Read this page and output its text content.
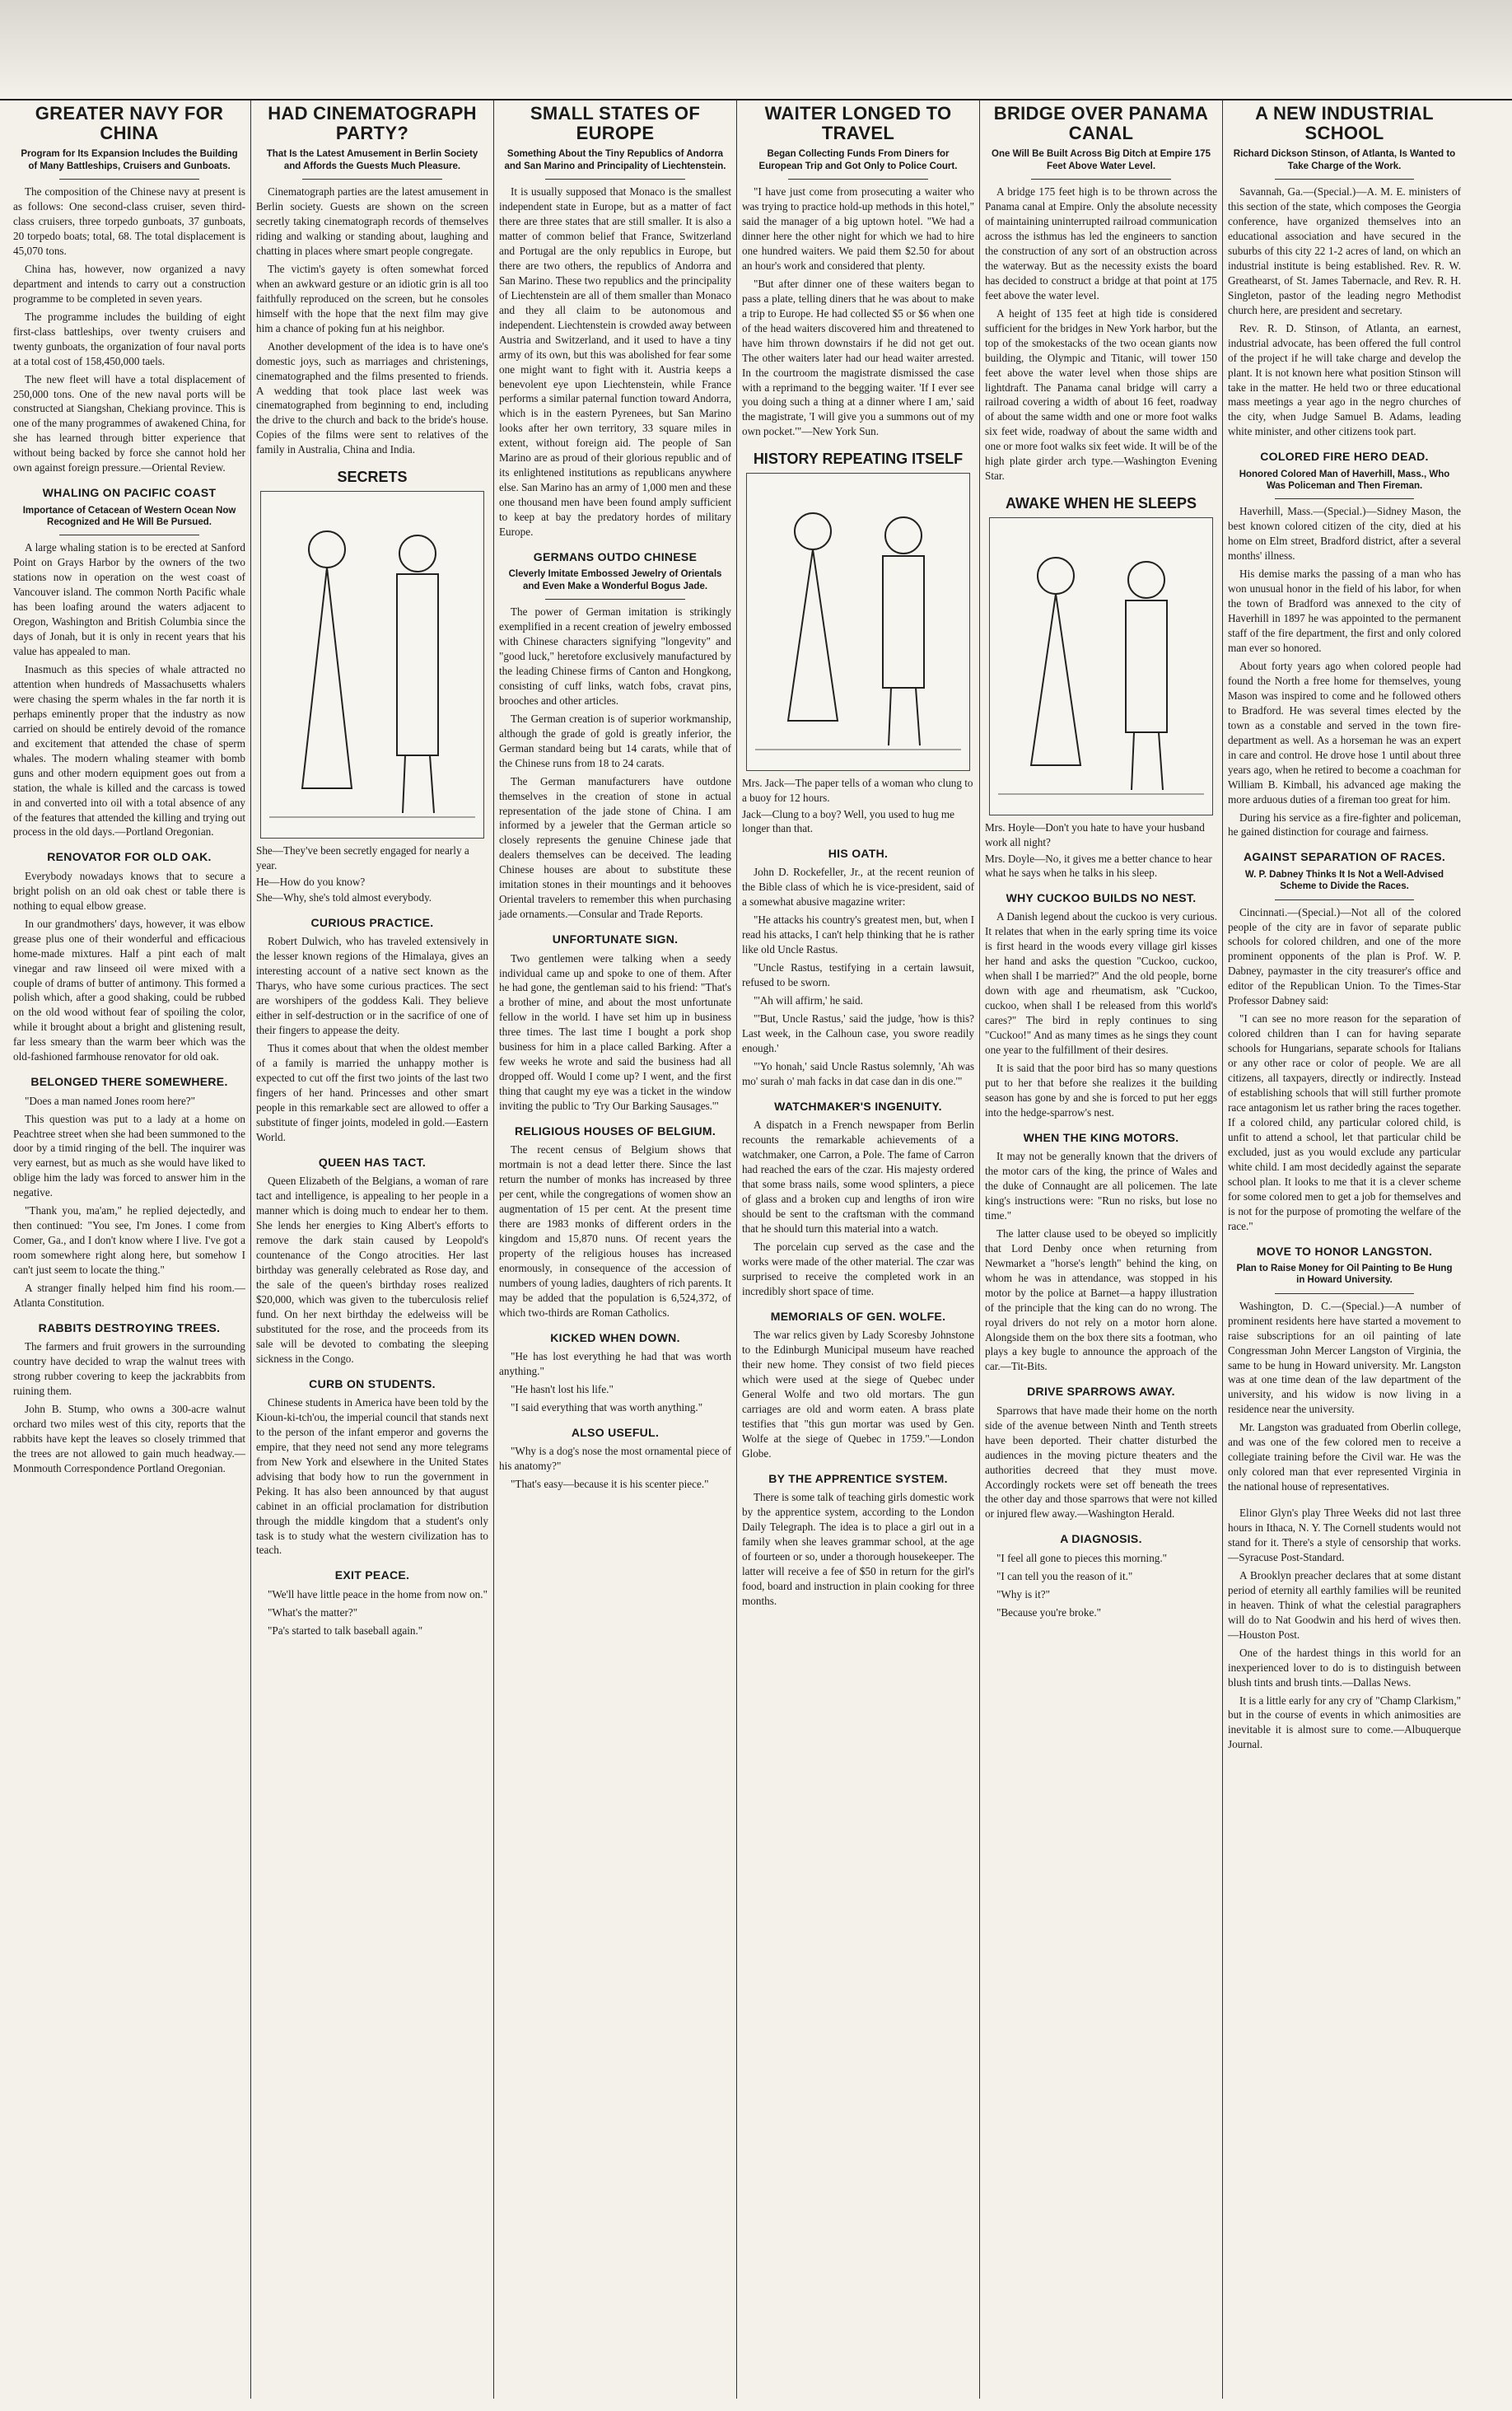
GREATER NAVY FOR CHINA
Program for Its Expansion Includes the Building of Many Battleships, Cruisers and Gunboats.

The composition of the Chinese navy at present is as follows: One second-class cruiser, seven third-class cruisers, three torpedo gunboats, 37 gunboats, 20 torpedo boats; total, 68. The total displacement is 45,070 tons.

China has, however, now organized a navy department and intends to carry out a construction programme to be completed in seven years.

The programme includes the building of eight first-class battleships, over twenty cruisers and twenty gunboats, the organization of four naval ports at a total cost of 158,450,000 taels.

The new fleet will have a total displacement of 250,000 tons. One of the new naval ports will be constructed at Siangshan, Chekiang province. This is one of the many programmes of awakened China, for she has learned through bitter experience that without being backed by force she cannot hold her own against foreign pressure.—Oriental Review.

WHALING ON PACIFIC COAST
Importance of Cetacean of Western Ocean Now Recognized and He Will Be Pursued.

A large whaling station is to be erected at Sanford Point on Grays Harbor by the owners of the two stations now in operation on the west coast of Vancouver island. The common North Pacific whale has been loafing around the waters adjacent to Oregon, Washington and British Columbia since the days of Jonah, but it is only in recent years that his value has appealed to man.

Inasmuch as this species of whale attracted no attention when hundreds of Massachusetts whalers were chasing the sperm whales in the far north it is perhaps eminently proper that the industry as now carried on should be entirely devoid of the romance and excitement that attended the chase of sperm whales. The modern whaling steamer with bomb guns and other modern equipment goes out from a station, the whale is killed and the carcass is towed in and converted into oil with a total absence of any of the features that attended the killing and trying out process in the old days.—Portland Oregonian.

RENOVATOR FOR OLD OAK.

Everybody nowadays knows that to secure a bright polish on an old oak chest or table there is nothing to equal elbow grease.

In our grandmothers' days, however, it was elbow grease plus one of their wonderful and efficacious home-made mixtures. Half a pint each of malt vinegar and raw linseed oil were mixed with a couple of drams of butter of antimony. This formed a polish which, after a good shaking, could be rubbed on the old wood without fear of spoiling the color, while it brought about a bright and glistening result, far less smeary than the warm beer which was the old-fashioned farmhouse renovator for old oak.

BELONGED THERE SOMEWHERE.

"Does a man named Jones room here?"

This question was put to a lady at a home on Peachtree street when she had been summoned to the door by a timid ringing of the bell. The inquirer was very earnest, but as much as she would have liked to oblige him the lady was forced to answer him in the negative.

"Thank you, ma'am," he replied dejectedly, and then continued: "You see, I'm Jones. I come from Comer, Ga., and I don't know where I live. I've got a room somewhere right along here, but somehow I can't just seem to locate the thing."

A stranger finally helped him find his room.—Atlanta Constitution.

RABBITS DESTROYING TREES.

The farmers and fruit growers in the surrounding country have decided to wrap the walnut trees with strong rubber covering to keep the jackrabbits from ruining them.

John B. Stump, who owns a 300-acre walnut orchard two miles west of this city, reports that the rabbits have kept the leaves so closely trimmed that the trees are not allowed to gain much headway.—Monmouth Correspondence Portland Oregonian.

HAD CINEMATOGRAPH PARTY?
That Is the Latest Amusement in Berlin Society and Affords the Guests Much Pleasure.

Cinematograph parties are the latest amusement in Berlin society. Guests are shown on the screen secretly taking cinematograph records of themselves riding and walking or standing about, laughing and chatting in places where smart people congregate.

The victim's gayety is often somewhat forced when an awkward gesture or an idiotic grin is all too faithfully reproduced on the screen, but he consoles himself with the hope that the next film may give him a chance of poking fun at his neighbor.

Another development of the idea is to have one's domestic joys, such as marriages and christenings, cinematographed and the films presented to friends. A wedding that took place last week was cinematographed from beginning to end, including the drive to the church and back to the bride's house. Copies of the films were sent to relatives of the family in Australia, China and India.

SECRETS

She—They've been secretly engaged for nearly a year.

He—How do you know?

She—Why, she's told almost everybody.

CURIOUS PRACTICE.

Robert Dulwich, who has traveled extensively in the lesser known regions of the Himalaya, gives an interesting account of a native sect known as the Tharys, who have some curious practices. The sect are worshipers of the goddess Kali. They believe either in self-destruction or in the sacrifice of one of their fingers to appease the deity.

Thus it comes about that when the oldest member of a family is married the unhappy mother is expected to cut off the first two joints of the last two fingers of her hand. Princesses and other smart people in this remarkable sect are allowed to offer a substitute of finger joints, modeled in gold.—Eastern World.

QUEEN HAS TACT.

Queen Elizabeth of the Belgians, a woman of rare tact and intelligence, is appealing to her people in a manner which is doing much to endear her to them. She lends her energies to King Albert's efforts to remove the dark stain caused by Leopold's countenance of the Congo atrocities. Her last birthday was generally celebrated as Rose day, and the sale of the queen's birthday roses realized $20,000, which was given to the tuberculosis relief fund. On her next birthday the edelweiss will be substituted for the rose, and the proceeds from its sale will be devoted to combating the sleeping sickness in the Congo.

CURB ON STUDENTS.

Chinese students in America have been told by the Kioun-ki-tch'ou, the imperial council that stands next to the person of the infant emperor and governs the empire, that they need not send any more telegrams from New York and elsewhere in the United States advising that body how to run the government in Peking. It has also been announced by that august cabinet in an official proclamation for distribution through the middle kingdom that a student's only task is to study what the western civilization has to teach.

EXIT PEACE.

"We'll have little peace in the home from now on."

"What's the matter?"

"Pa's started to talk baseball again."

SMALL STATES OF EUROPE
Something About the Tiny Republics of Andorra and San Marino and Principality of Liechtenstein.

It is usually supposed that Monaco is the smallest independent state in Europe, but as a matter of fact there are three states that are still smaller. It is also a matter of common belief that France, Switzerland and Portugal are the only republics in Europe, but there are two others, the republics of Andorra and San Marino. These two republics and the principality of Liechtenstein are all of them smaller than Monaco and they all claim to be autonomous and independent. Liechtenstein is crowded away between Austria and Switzerland, and it used to have a tiny army of its own, but this was abolished for fear some one might want to fight with it. Austria keeps a benevolent eye upon Liechtenstein, while France performs a similar paternal function toward Andorra, which is in the eastern Pyrenees, but San Marino looks after her own territory, 33 square miles in extent, without foreign aid. The people of San Marino are as proud of their glorious republic and of its enlightened institutions as republicans anywhere else. San Marino has an army of 1,000 men and these one thousand men have been found amply sufficient to keep at bay the predatory hordes of military Europe.

GERMANS OUTDO CHINESE
Cleverly Imitate Embossed Jewelry of Orientals and Even Make a Wonderful Bogus Jade.

The power of German imitation is strikingly exemplified in a recent creation of jewelry embossed with Chinese characters signifying "longevity" and "good luck," heretofore exclusively manufactured by the leading Chinese firms of Canton and Hongkong, consisting of cuff links, watch fobs, cravat pins, brooches and other articles.

The German creation is of superior workmanship, although the grade of gold is greatly inferior, the German standard being but 14 carats, while that of the Chinese runs from 18 to 24 carats.

The German manufacturers have outdone themselves in the creation of stone in actual representation of the jade stone of China. I am informed by a jeweler that the German article so closely represents the genuine Chinese jade that dealers themselves can be deceived. The leading Chinese houses are about to substitute these imitation stones in their mountings and it behooves Oriental travelers to remember this when purchasing jade ornaments.—Consular and Trade Reports.

UNFORTUNATE SIGN.

Two gentlemen were talking when a seedy individual came up and spoke to one of them. After he had gone, the gentleman said to his friend: "That's a brother of mine, and about the most unfortunate fellow in the world. I have set him up in business three times. The last time I bought a pork shop business for him in a place called Barking. After a few weeks he wrote and said the business had all dropped off. Would I come up? I went, and the first thing that caught my eye was a ticket in the window inviting the public to 'Try Our Barking Sausages.'"

RELIGIOUS HOUSES OF BELGIUM.

The recent census of Belgium shows that mortmain is not a dead letter there. Since the last return the number of monks has increased by three per cent, while the congregations of women show an augmentation of 15 per cent. At the present time there are 1983 monks of different orders in the kingdom and 15,870 nuns. Of recent years the property of the religious houses has increased enormously, in consequence of the accession of numbers of young ladies, daughters of rich parents. It may be added that the population is 6,524,372, of which two-thirds are Roman Catholics.

KICKED WHEN DOWN.

"He has lost everything he had that was worth anything."

"He hasn't lost his life."

"I said everything that was worth anything."

ALSO USEFUL.

"Why is a dog's nose the most ornamental piece of his anatomy?"

"That's easy—because it is his scenter piece."

WAITER LONGED TO TRAVEL
Began Collecting Funds From Diners for European Trip and Got Only to Police Court.

"I have just come from prosecuting a waiter who was trying to practice hold-up methods in this hotel," said the manager of a big uptown hotel. "We had a dinner here the other night for which we had to hire one hundred waiters. We paid them $2.50 for about an hour's work and considered that plenty.

"But after dinner one of these waiters began to pass a plate, telling diners that he was about to make a trip to Europe. He had collected $5 or $6 when one of the head waiters discovered him and threatened to have him thrown downstairs if he did not get out. The other waiters later had our head waiter arrested. In the courtroom the magistrate dismissed the case with a reprimand to the begging waiter. 'If I ever see you doing such a thing at a dinner where I am,' said the magistrate, 'I will give you a summons out of my own pocket.'"—New York Sun.

HISTORY REPEATING ITSELF

Mrs. Jack—The paper tells of a woman who clung to a buoy for 12 hours.

Jack—Clung to a boy? Well, you used to hug me longer than that.

HIS OATH.

John D. Rockefeller, Jr., at the recent reunion of the Bible class of which he is vice-president, said of a somewhat abusive magazine writer:

"He attacks his country's greatest men, but, when I read his attacks, I can't help thinking that he is rather like old Uncle Rastus.

"Uncle Rastus, testifying in a certain lawsuit, refused to be sworn.

"'Ah will affirm,' he said.

"'But, Uncle Rastus,' said the judge, 'how is this? Last week, in the Calhoun case, you swore readily enough.'

"'Yo honah,' said Uncle Rastus solemnly, 'Ah was mo' surah o' mah facks in dat case dan in dis one.'"

WATCHMAKER'S INGENUITY.

A dispatch in a French newspaper from Berlin recounts the remarkable achievements of a watchmaker, one Carron, a Pole. The fame of Carron had reached the ears of the czar. His majesty ordered that some brass nails, some wood splinters, a piece of glass and a broken cup and lengths of iron wire should be sent to the craftsman with the command that he should turn this material into a watch.

The porcelain cup served as the case and the works were made of the other material. The czar was surprised to receive the completed work in an incredibly short space of time.

MEMORIALS OF GEN. WOLFE.

The war relics given by Lady Scoresby Johnstone to the Edinburgh Municipal museum have reached their new home. They consist of two field pieces which were used at the siege of Quebec under General Wolfe and two old mortars. The gun carriages are old and worm eaten. A brass plate testifies that "this gun mortar was used by Gen. Wolfe at the siege of Quebec in 1759."—London Globe.

BY THE APPRENTICE SYSTEM.

There is some talk of teaching girls domestic work by the apprentice system, according to the London Daily Telegraph. The idea is to place a girl out in a family when she leaves grammar school, at the age of fourteen or so, under a thorough housekeeper. The latter will receive a fee of $50 in return for the girl's food, board and instruction in plain cooking for three months.

BRIDGE OVER PANAMA CANAL
One Will Be Built Across Big Ditch at Empire 175 Feet Above Water Level.

A bridge 175 feet high is to be thrown across the Panama canal at Empire. Only the absolute necessity of maintaining uninterrupted railroad communication across the isthmus has led the engineers to sanction the construction of any sort of an obstruction across the waterway. But as the necessity exists the board has decided to construct a bridge at that point at 175 feet above the water level.

A height of 135 feet at high tide is considered sufficient for the bridges in New York harbor, but the top of the smokestacks of the two ocean giants now building, the Olympic and Titanic, will tower 150 feet above the water level when those ships are lightdraft. The Panama canal bridge will carry a railroad covering a width of about 16 feet, roadway of about the same width and one or more foot walks six feet wide, roadway of about the same width and one or more foot walks six feet wide. It will be of the high plate girder arch type.—Washington Evening Star.

AWAKE WHEN HE SLEEPS

Mrs. Hoyle—Don't you hate to have your husband work all night?

Mrs. Doyle—No, it gives me a better chance to hear what he says when he talks in his sleep.

WHY CUCKOO BUILDS NO NEST.

A Danish legend about the cuckoo is very curious. It relates that when in the early spring time its voice is first heard in the woods every village girl kisses her hand and asks the question "Cuckoo, cuckoo, when shall I be married?" And the old people, borne down with age and rheumatism, ask "Cuckoo, cuckoo, when shall I be released from this world's cares?" The bird in reply continues to sing "Cuckoo!" And as many times as he sings they count one year to the fulfillment of their desires.

It is said that the poor bird has so many questions put to her that before she realizes it the building season has gone by and she is forced to put her eggs into the hedge-sparrow's nest.

WHEN THE KING MOTORS.

It may not be generally known that the drivers of the motor cars of the king, the prince of Wales and the duke of Connaught are all policemen. The late king's instructions were: "Run no risks, but lose no time."

The latter clause used to be obeyed so implicitly that Lord Denby once when returning from Newmarket a "horse's length" behind the king, on whom he was in attendance, was stopped in his motor by the police at Barnet—a happy illustration of the principle that the king can do no wrong. The royal drivers do not rely on a motor horn alone. Alongside them on the box there sits a footman, who plays a key bugle to announce the approach of the car.—Tit-Bits.

DRIVE SPARROWS AWAY.

Sparrows that have made their home on the north side of the avenue between Ninth and Tenth streets have been deported. Their chatter disturbed the audiences in the moving picture theaters and the authorities decreed that they must move. Accordingly rockets were set off beneath the trees the other day and those sparrows that were not killed or injured flew away.—Washington Herald.

A DIAGNOSIS.

"I feel all gone to pieces this morning."

"I can tell you the reason of it."

"Why is it?"

"Because you're broke."

A NEW INDUSTRIAL SCHOOL
Richard Dickson Stinson, of Atlanta, Is Wanted to Take Charge of the Work.

Savannah, Ga.—(Special.)—A. M. E. ministers of this section of the state, which composes the Georgia conference, have organized themselves into an educational association and have secured in the suburbs of this city 22 1-2 acres of land, on which an industrial institute is being established. Rev. R. W. Greathearst, of St. James Tabernacle, and Rev. R. H. Singleton, pastor of the leading negro Methodist church here, are president and secretary.

Rev. R. D. Stinson, of Atlanta, an earnest, industrial advocate, has been offered the full control of the project if he will take charge and develop the plant. It is not known here what position Stinson will take in the matter. He held two or three educational mass meetings a year ago in the negro churches of the city, when Judge Samuel B. Adams, leading white minister, and other citizens took part.

COLORED FIRE HERO DEAD.
Honored Colored Man of Haverhill, Mass., Who Was Policeman and Then Fireman.

Haverhill, Mass.—(Special.)—Sidney Mason, the best known colored citizen of the city, died at his home on Elm street, Bradford district, after a several months' illness.

His demise marks the passing of a man who has won unusual honor in the field of his labor, for when the town of Bradford was annexed to the city of Haverhill in 1897 he was appointed to the permanent staff of the fire department, the first and only colored man ever so honored.

About forty years ago when colored people had found the North a free home for themselves, young Mason was inspired to come and he followed others to Bradford. He was several times elected by the town as a constable and served in the town fire-department as well. As a horseman he was an expert in care and control. He drove hose 1 until about three years ago, when he retired to become a coachman for William B. Kimball, his advanced age making the more arduous duties of a fireman too great for him.

During his service as a fire-fighter and policeman, he gained distinction for courage and fairness.

AGAINST SEPARATION OF RACES.
W. P. Dabney Thinks It Is Not a Well-Advised Scheme to Divide the Races.

Cincinnati.—(Special.)—Not all of the colored people of the city are in favor of separate public schools for colored children, and one of the more prominent opponents of the plan is Prof. W. P. Dabney, paymaster in the city treasurer's office and editor of the Republican Union. To the Times-Star Professor Dabney said:

"I can see no more reason for the separation of colored children than I can for having separate schools for Hungarians, separate schools for Italians or any other race or color of people. We are all citizens, all taxpayers, directly or indirectly. Instead of establishing schools that will still further promote race antagonism let us rather bring the races together. If a colored child, any particular colored child, is unfit to attend a school, let that particular child be excluded, just as you would exclude any particular white child. I am most decidedly against the separate school plan. It looks to me that it is a clever scheme for some colored men to get a job for themselves and is not for the purpose of promoting the welfare of the race."

MOVE TO HONOR LANGSTON.
Plan to Raise Money for Oil Painting to Be Hung in Howard University.

Washington, D. C.—(Special.)—A number of prominent residents here have started a movement to raise subscriptions for an oil painting of late Congressman John Mercer Langston of Virginia, the same to be hung in Howard university. Mr. Langston was at one time dean of the law department of the university, and his widow is now living in a residence near the university.

Mr. Langston was graduated from Oberlin college, and was one of the few colored men to receive a collegiate training before the Civil war. He was the only colored man that ever represented Virginia in the national house of representatives.

Elinor Glyn's play Three Weeks did not last three hours in Ithaca, N. Y. The Cornell students would not stand for it. There's a style of censorship that works.—Syracuse Post-Standard.

A Brooklyn preacher declares that at some distant period of eternity all earthly families will be reunited in heaven. Think of what the celestial paragraphers will do to Nat Goodwin and his herd of wives then.—Houston Post.

One of the hardest things in this world for an inexperienced lover to do is to distinguish between blush tints and brush tints.—Dallas News.

It is a little early for any cry of "Champ Clarkism," but in the course of events in which animosities are inevitable it is almost sure to come.—Albuquerque Journal.
